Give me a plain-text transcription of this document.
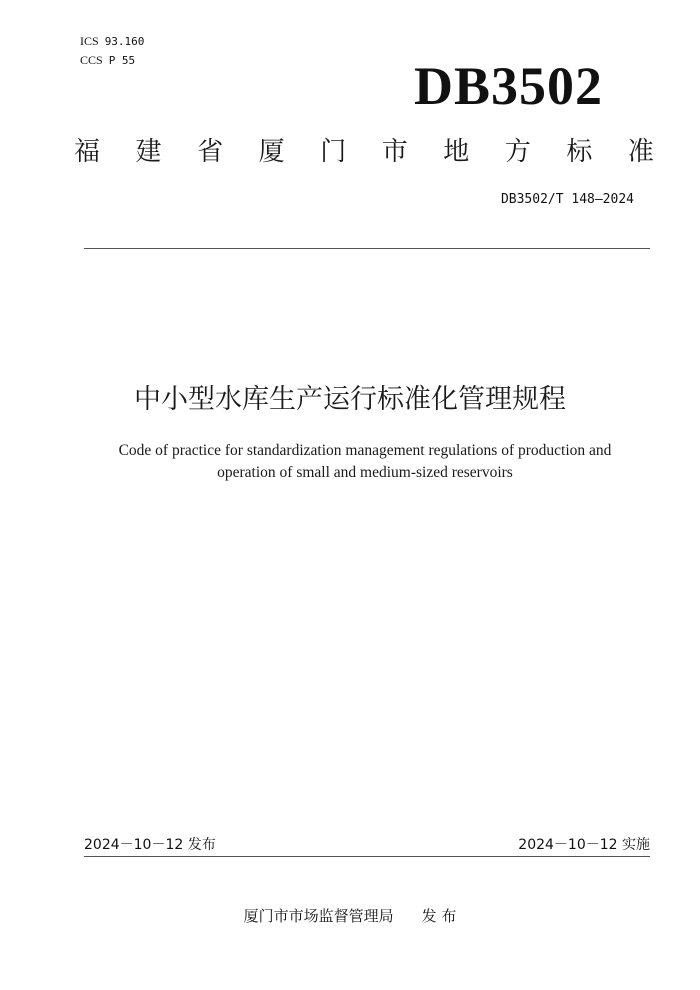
ICS 93.160
CCS P 55	DB3502
福 建 省 厦 门 市 地 方 标 准
DB3502/T 148—2024
中小型水库生产运行标准化管理规程
Code of practice for standardization management regulations of production and operation of small and medium-sized reservoirs
2024－10－12 发布	2024－10－12 实施
厦门市市场监督管理局 发 布
